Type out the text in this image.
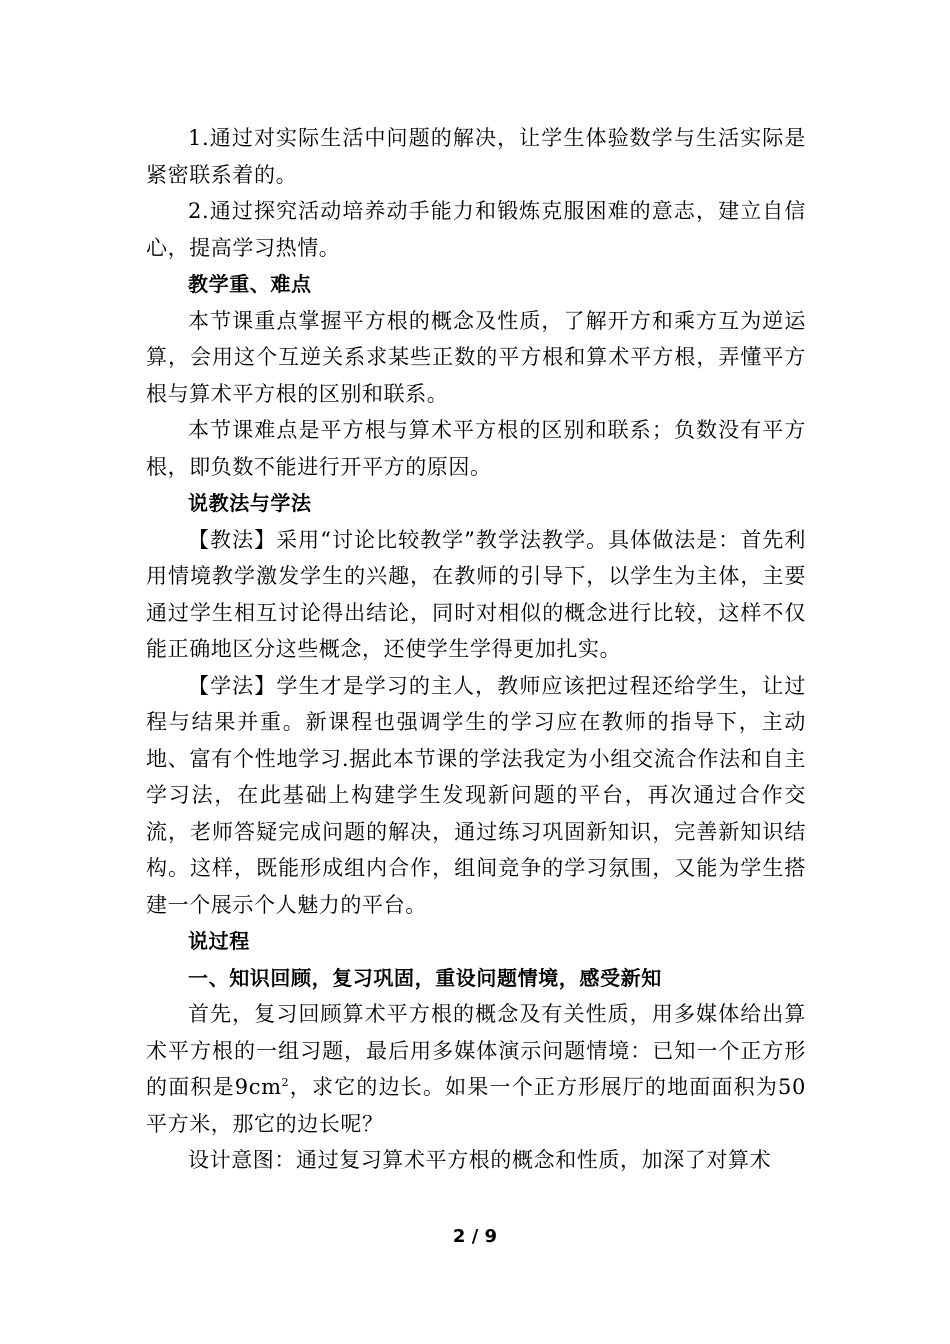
1.通过对实际生活中问题的解决，让学生体验数学与生活实际是紧密联系着的。

2.通过探究活动培养动手能力和锻炼克服困难的意志，建立自信心，提高学习热情。

教学重、难点

本节课重点掌握平方根的概念及性质，了解开方和乘方互为逆运算，会用这个互逆关系求某些正数的平方根和算术平方根，弄懂平方根与算术平方根的区别和联系。

本节课难点是平方根与算术平方根的区别和联系；负数没有平方根，即负数不能进行开平方的原因。

说教法与学法

【教法】采用“讨论比较教学”教学法教学。具体做法是：首先利用情境教学激发学生的兴趣，在教师的引导下，以学生为主体，主要通过学生相互讨论得出结论，同时对相似的概念进行比较，这样不仅能正确地区分这些概念，还使学生学得更加扎实。

【学法】学生才是学习的主人，教师应该把过程还给学生，让过程与结果并重。新课程也强调学生的学习应在教师的指导下，主动地、富有个性地学习.据此本节课的学法我定为小组交流合作法和自主学习法，在此基础上构建学生发现新问题的平台，再次通过合作交流，老师答疑完成问题的解决，通过练习巩固新知识，完善新知识结构。这样，既能形成组内合作，组间竞争的学习氛围，又能为学生搭建一个展示个人魅力的平台。

说过程

一、知识回顾，复习巩固，重设问题情境，感受新知

首先，复习回顾算术平方根的概念及有关性质，用多媒体给出算术平方根的一组习题，最后用多媒体演示问题情境：已知一个正方形的面积是$9cm^2$，求它的边长。如果一个正方形展厅的地面面积为50平方米，那它的边长呢？

设计意图：通过复习算术平方根的概念和性质，加深了对算术

2 / 9
